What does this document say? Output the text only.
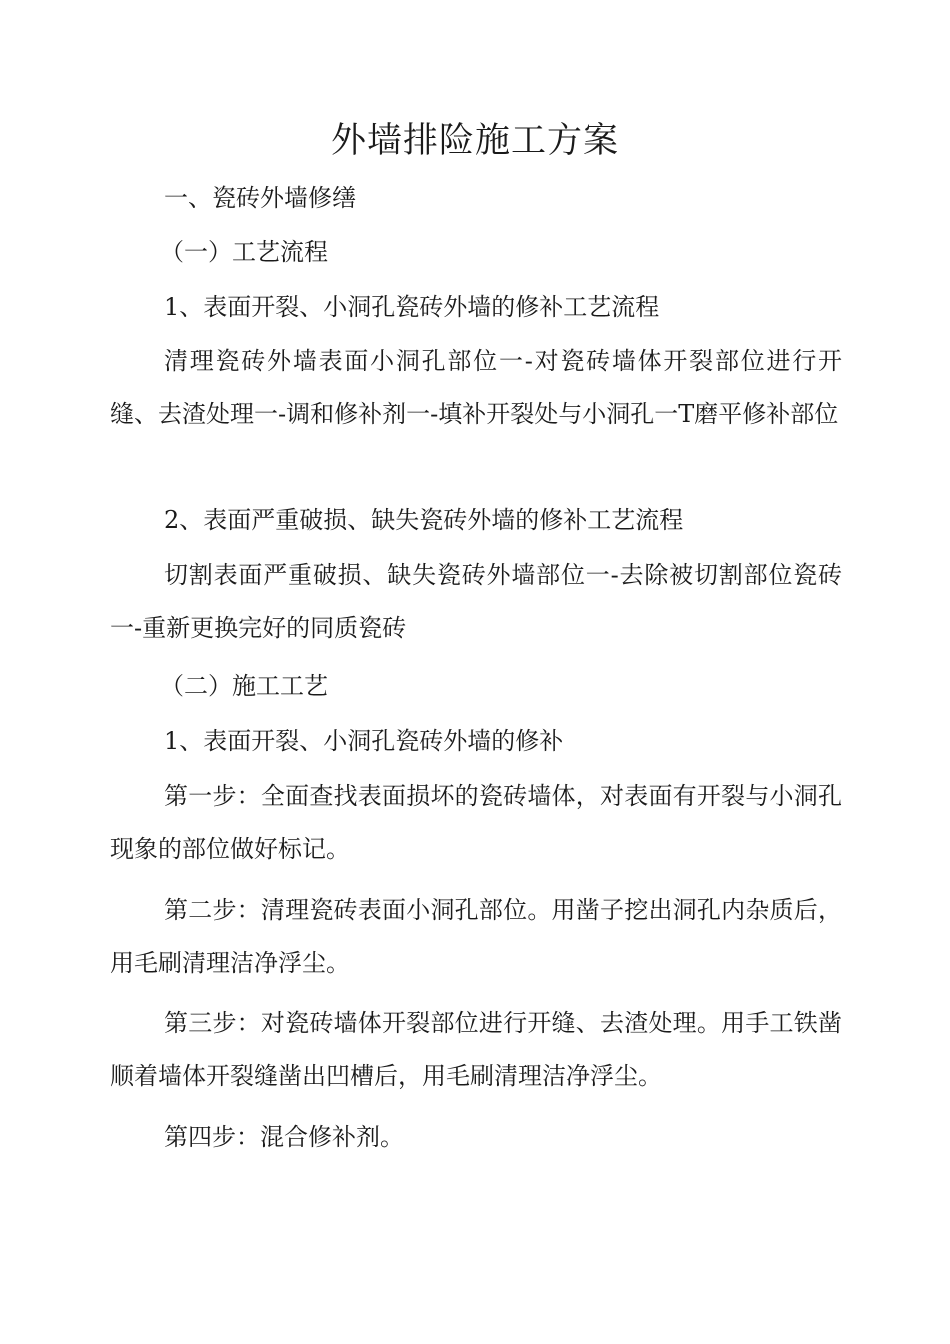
外墙排险施工方案

一、瓷砖外墙修缮

（一）工艺流程

1、表面开裂、小洞孔瓷砖外墙的修补工艺流程

清理瓷砖外墙表面小洞孔部位一-对瓷砖墙体开裂部位进行开缝、去渣处理一-调和修补剂一-填补开裂处与小洞孔一T磨平修补部位

2、表面严重破损、缺失瓷砖外墙的修补工艺流程

切割表面严重破损、缺失瓷砖外墙部位一-去除被切割部位瓷砖一-重新更换完好的同质瓷砖

（二）施工工艺

1、表面开裂、小洞孔瓷砖外墙的修补

第一步：全面查找表面损坏的瓷砖墙体，对表面有开裂与小洞孔现象的部位做好标记。

第二步：清理瓷砖表面小洞孔部位。用凿子挖出洞孔内杂质后，用毛刷清理洁净浮尘。

第三步：对瓷砖墙体开裂部位进行开缝、去渣处理。用手工铁凿顺着墙体开裂缝凿出凹槽后，用毛刷清理洁净浮尘。

第四步：混合修补剂。
